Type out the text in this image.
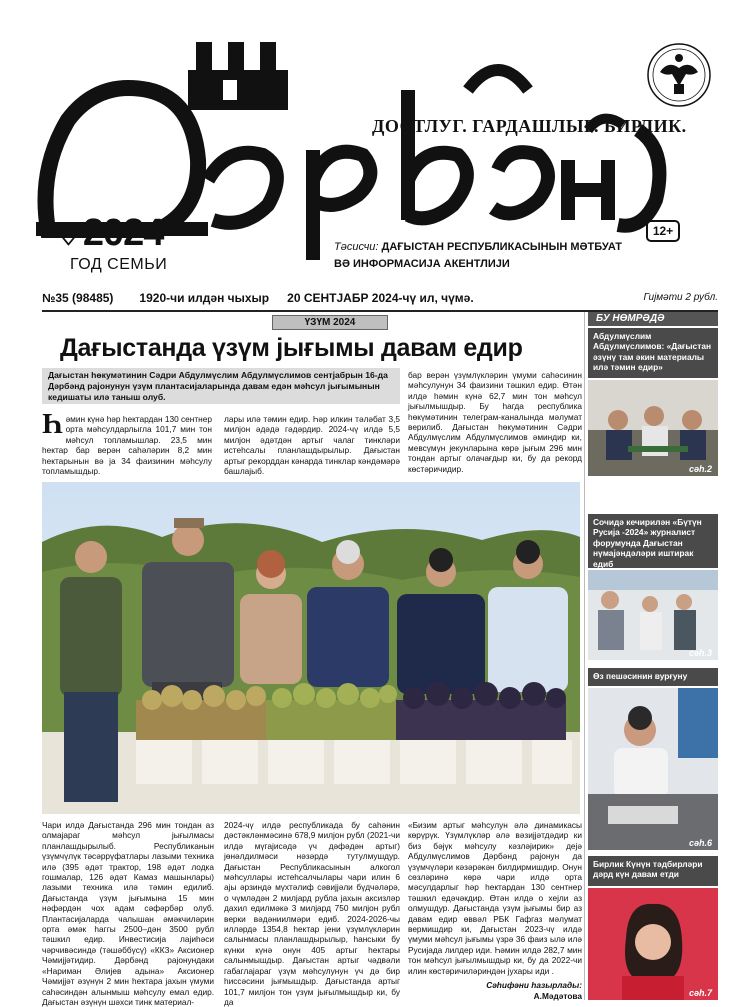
ДОСТЛУГ. ГАРДАШЛЫГ. БИРЛИК.
♡2024
ГОД СЕМЬИ
12+
Тәсисчи: ДАҒЫСТАН РЕСПУБЛИКАСЫНЫН МӘТБУАТ
ВӘ ИНФОРМАСИЈА АКЕНТЛИЈИ
№35 (98485) 1920-чи илдән чыхыр 20 СЕНТЈАБР 2024-чү ил, чүмә.	Гиjмәти 2 рубл.
ҮЗҮМ 2024
Дағыстанда үзүм јығымы давам едир
Дағыстан һөкумәтинин Сәдри Абдулмүслим Абдулмүслимов сентјабрын 16-да Дәрбәнд рајонунун үзүм плантасијаларында давам едән мәһсул јығымынын кедишаты илә таныш олуб.
Һәмин күнә һәр һектардан 130 сентнер орта мәһсулдарлыгла 101,7 мин тон мәһсул топламышлар. 23,5 мин һектар бар верән саһәләрин 8,2 мин һектарынын вә ја 34 фаизинин мәһсулу топламышдыр.
лары илә тәмин едир. Һәр илкин тәләбат 3,5 милјон әдәдә гәдәрдир. 2024-чү илдә 5,5 милјон әдәтдән артыг чалаг тинкләри истеһсалы планлашдырылыр. Дағыстан артыг рекорддан кәнарда тинклар кәндәмәрә башлајыб.
бар верән үзүмлүкләрин үмуми саһәсинин мәһсулунун 34 фаизини тәшкил едир. Өтән илдә һәмин күнә 62,7 мин тон мәһсул јығылмышдыр. Бу һагда республика һөкүмәтинин телеграм-каналында мәлумат верилиб. Дағыстан һөкумәтинин Сәдри Абдулмүслим Абдулмүслимов әминдир ки, мевсүмүн јекунларына көрә јығым 296 мин тондан артыг олачағдыр ки, бу да рекорд көстәричидир.
Чари илдә Дағыстанда 296 мин тондан аз олмајараг мәһсул јығылмасы планлашдырылыб. Республиканын үзүмчүлүк тәсәррүфатлары лазыми техника илә (395 әдәт трактор, 198 әдәт лодка гошмалар, 126 әдәт Камаз машынлары) лазыми техника илә тәмин едилиб. Дағыстанда үзүм јығымына 15 мин нәфәрдән чох адам сәфәрбәр олуб. Плантасијаларда чалышан әмәкчиләрин орта әмәк һаггы 2500–дән 3500 рубл тәшкил едир. Инвестисија лајиһәси чәрчивәсиндә (тәшәббүсү) «ККЗ» Аксионер Чәмијјәтидир. Дәрбәнд рајонундаки «Нариман Әлијев адына» Аксионер Чәмијјәт әзүнүн 2 мин һектара јахын үмуми саһәсиндән алынмыш мәһсулу емал едир. Дағыстан әзүнүн шәхси тинк материал-
2024-чү илдә республикада бу саһәнин дәстәкләнмәсинә 678,9 милјон рубл (2021-чи илдә мүгајисәдә үч дәфәдән артыг) јөнәлдилмәси нәзәрдә тутулмушдур. Дағыстан Республикасынын алкогол мәһсуллары истеһсалчылары чари илин 6 ајы әрзиндә мүхтәлиф сәвијјәли бүдчәләрә, о чүмләдән 2 милјард рубла јахын аксизләр дахил едилмәкә 3 милјард 750 милјон рубл верки вәдәниилмәри едиб. 2024-2026-чы илләрдә 1354,8 һектар јени үзүмлүкләрин салынмасы планлашдырылыр, һансыки бу күнки күнә онун 405 артыг һектары салынмышдыр. Дағыстан артыг чәдвәли габаглајараг үзүм мәһсулунун үч дә бир һиссәсини јығмышдыр. Дағыстанда артыг 101,7 милјон тон үзүм јығылмышдыр ки, бу да
«Бизим артыг мәһсулун әлә динамикасы көрүрүк. Үзүмлүкләр әлә вәзијјәтдәдир ки биз бәјүк мәһсулу кәзләјирик» деjә Абдулмүслимов Дәрбәнд рајонун да үзүмчүләри кәзәрәкән билдирмишдир. Онун сөзләринә көрә чари илдә орта мәсулдарлыг һәр һектардан 130 сентнер тәшкил едәчәкдир. Өтән илдә о хејли аз олмушдур. Дағыстанда үзүм јығымы бир аз давам едир өввәл РБК Гафгаз мәлумат вермишдир ки, Дағыстан 2023-чү илдә үмуми мәһсул јығымы үзрә 36 фаиз ылә илә Русијада лилдер иди. Һәмин илдә 282,7 мин тон мәһсул јығылмышдыр ки, бу да 2022-чи илин көстәричиләриндән јухары иди .
Сәһифәни һазырлады:
А.Мәдәтова
БУ НӨМРӘДӘ
Абдулмүслим Абдулмүслимов: «Дағыстан әзүнү там әкин материалы илә тәмин едир»
сәһ.2
Сочидә кечирилән «Бүтүн Русија -2024» журналист форумунда Дағыстан нүмајәндәләри иштирак едиб
сәһ.3
Өз пешәсинин вурғуну
сәһ.6
Бирлик Күнүн тәдбирләри дәрд күн давам етди
сәһ.7
